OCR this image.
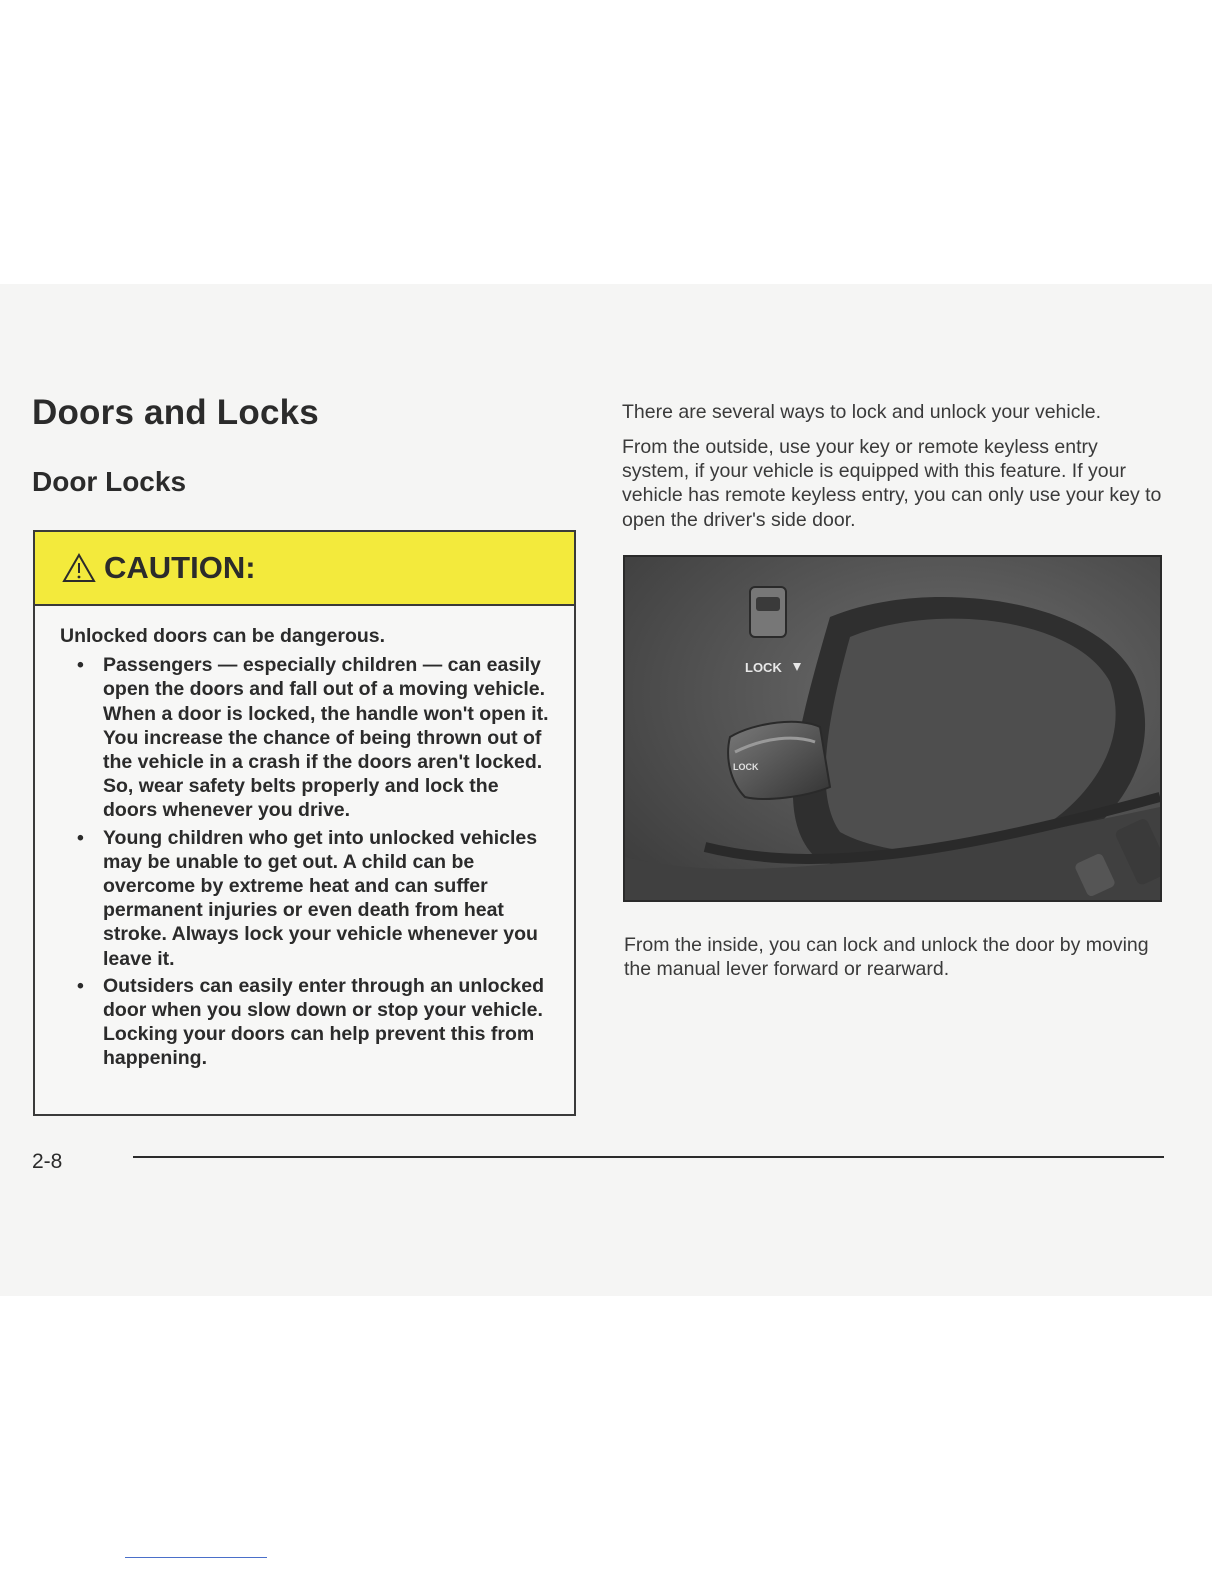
Doors and Locks
Door Locks
CAUTION:

Unlocked doors can be dangerous.

• Passengers — especially children — can easily open the doors and fall out of a moving vehicle. When a door is locked, the handle won't open it. You increase the chance of being thrown out of the vehicle in a crash if the doors aren't locked. So, wear safety belts properly and lock the doors whenever you drive.
• Young children who get into unlocked vehicles may be unable to get out. A child can be overcome by extreme heat and can suffer permanent injuries or even death from heat stroke. Always lock your vehicle whenever you leave it.
• Outsiders can easily enter through an unlocked door when you slow down or stop your vehicle. Locking your doors can help prevent this from happening.

There are several ways to lock and unlock your vehicle.

From the outside, use your key or remote keyless entry system, if your vehicle is equipped with this feature. If your vehicle has remote keyless entry, you can only use your key to open the driver's side door.

LOCK
LOCK

From the inside, you can lock and unlock the door by moving the manual lever forward or rearward.

2-8
